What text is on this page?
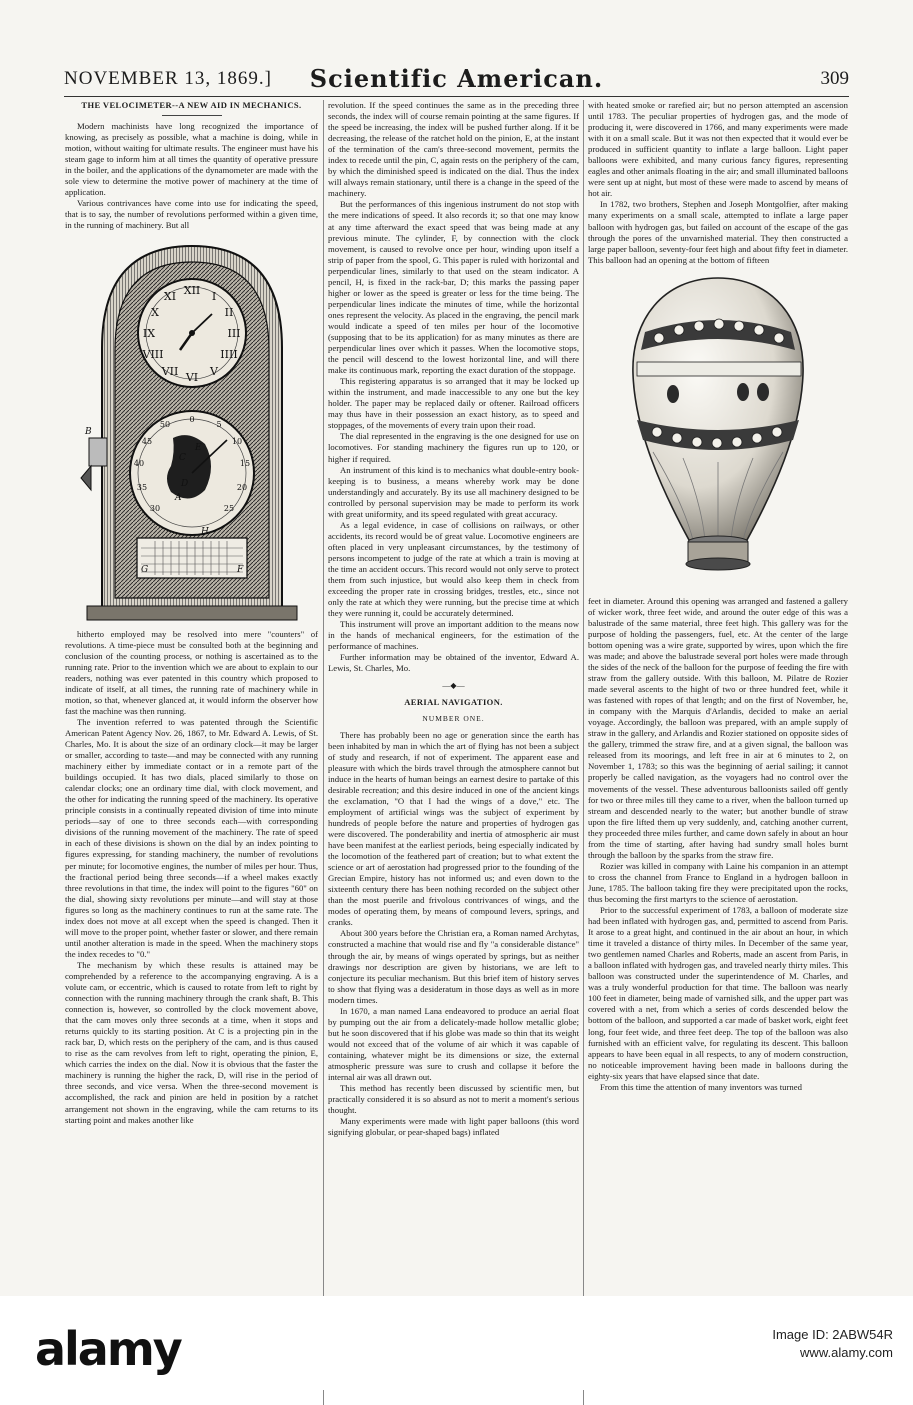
NOVEMBER 13, 1869.]	Scientific American.	309
THE VELOCIMETER--A NEW AID IN MECHANICS.

Modern machinists have long recognized the importance of knowing, as precisely as possible, what a machine is doing, while in motion, without waiting for ultimate results. The engineer must have his steam gage to inform him at all times the quantity of operative pressure in the boiler, and the applications of the dynamometer are made with the sole view to determine the motive power of machinery at the time of application.

Various contrivances have come into use for indicating the speed, that is to say, the number of revolutions performed within a given time, in the running of machinery. But all

XII I
II
III
IIII
V
VI
VII
VIII
IX
X
XI
0
5
10
15
20
25
50
45
40
35
30
B
C
D
E
A
F
G
H

hitherto employed may be resolved into mere "counters" of revolutions. A time-piece must be consulted both at the beginning and conclusion of the counting process, or nothing is ascertained as to the running rate. Prior to the invention which we are about to explain to our readers, nothing was ever patented in this country which proposed to indicate of itself, at all times, the running rate of machinery while in motion, so that, whenever glanced at, it would inform the observer how fast the machine was then running.

The invention referred to was patented through the Scientific American Patent Agency Nov. 26, 1867, to Mr. Edward A. Lewis, of St. Charles, Mo. It is about the size of an ordinary clock—it may be larger or smaller, according to taste—and may be connected with any running machinery either by immediate contact or in a remote part of the buildings occupied. It has two dials, placed similarly to those on calendar clocks; one an ordinary time dial, with clock movement, and the other for indicating the running speed of the machinery. Its operative principle consists in a continually repeated division of time into minute periods—say of one to three seconds each—with corresponding divisions of the running movement of the machinery. The rate of speed in each of these divisions is shown on the dial by an index pointing to figures expressing, for standing machinery, the number of revolutions per minute; for locomotive engines, the number of miles per hour. Thus, the fractional period being three seconds—if a wheel makes exactly three revolutions in that time, the index will point to the figures "60" on the dial, showing sixty revolutions per minute—and will stay at those figures so long as the machinery continues to run at the same rate. The index does not move at all except when the speed is changed. Then it will move to the proper point, whether faster or slower, and there remain until another alteration is made in the speed. When the machinery stops the index recedes to "0."

The mechanism by which these results is attained may be comprehended by a reference to the accompanying engraving. A is a volute cam, or eccentric, which is caused to rotate from left to right by connection with the running machinery through the crank shaft, B. This connection is, however, so controlled by the clock movement above, that the cam moves only three seconds at a time, when it stops and returns quickly to its starting position. At C is a projecting pin in the rack bar, D, which rests on the periphery of the cam, and is thus caused to rise as the cam revolves from left to right, operating the pinion, E, which carries the index on the dial. Now it is obvious that the faster the machinery is running the higher the rack, D, will rise in the period of three seconds, and vice versa. When the three-second movement is accomplished, the rack and pinion are held in position by a ratchet arrangement not shown in the engraving, while the cam returns to its starting point and makes another like

revolution. If the speed continues the same as in the preceding three seconds, the index will of course remain pointing at the same figures. If the speed be increasing, the index will be pushed further along. If it be decreasing, the release of the ratchet hold on the pinion, E, at the instant of the termination of the cam's three-second movement, permits the index to recede until the pin, C, again rests on the periphery of the cam, by which the diminished speed is indicated on the dial. Thus the index will always remain stationary, until there is a change in the speed of the machinery.

But the performances of this ingenious instrument do not stop with the mere indications of speed. It also records it; so that one may know at any time afterward the exact speed that was being made at any previous minute. The cylinder, F, by connection with the clock movement, is caused to revolve once per hour, winding upon itself a strip of paper from the spool, G. This paper is ruled with horizontal and perpendicular lines, similarly to that used on the steam indicator. A pencil, H, is fixed in the rack-bar, D; this marks the passing paper higher or lower as the speed is greater or less for the time being. The perpendicular lines indicate the minutes of time, while the horizontal ones represent the velocity. As placed in the engraving, the pencil mark would indicate a speed of ten miles per hour of the locomotive (supposing that to be its application) for as many minutes as there are perpendicular lines over which it passes. When the locomotive stops, the pencil will descend to the lowest horizontal line, and will there make its continuous mark, reporting the exact duration of the stoppage.

This registering apparatus is so arranged that it may be locked up within the instrument, and made inaccessible to any one but the key holder. The paper may be replaced daily or oftener. Railroad officers may thus have in their possession an exact history, as to speed and stoppages, of the movements of every train upon their road.

The dial represented in the engraving is the one designed for use on locomotives. For standing machinery the figures run up to 120, or higher if required.

An instrument of this kind is to mechanics what double-entry book-keeping is to business, a means whereby work may be done understandingly and accurately. By its use all machinery designed to be controlled by personal supervision may be made to perform its work with great uniformity, and its speed regulated with great accuracy.

As a legal evidence, in case of collisions on railways, or other accidents, its record would be of great value. Locomotive engineers are often placed in very unpleasant circumstances, by the testimony of persons incompetent to judge of the rate at which a train is moving at the time an accident occurs. This record would not only serve to protect them from such injustice, but would also keep them in check from exceeding the proper rate in crossing bridges, trestles, etc., since not only the rate at which they were running, but the precise time at which they were running it, could be accurately determined.

This instrument will prove an important addition to the means now in the hands of mechanical engineers, for the estimation of the performance of machines.

Further information may be obtained of the inventor, Edward A. Lewis, St. Charles, Mo.

—◆—
AERIAL NAVIGATION.
NUMBER ONE.

There has probably been no age or generation since the earth has been inhabited by man in which the art of flying has not been a subject of study and research, if not of experiment. The apparent ease and pleasure with which the birds travel through the atmosphere cannot but induce in the hearts of human beings an earnest desire to partake of this desirable recreation; and this desire induced in one of the ancient kings the exclamation, "O that I had the wings of a dove," etc. The employment of artificial wings was the subject of experiment by hundreds of people before the nature and properties of hydrogen gas were discovered. The ponderability and inertia of atmospheric air must have been manifest at the earliest periods, being especially indicated by the locomotion of the feathered part of creation; but to what extent the science or art of aerostation had progressed prior to the founding of the Grecian Empire, history has not informed us; and even down to the sixteenth century there has been nothing recorded on the subject other than the most puerile and frivolous contrivances of wings, and the modes of operating them, by means of compound levers, springs, and cranks.

About 300 years before the Christian era, a Roman named Archytas, constructed a machine that would rise and fly "a considerable distance" through the air, by means of wings operated by springs, but as neither drawings nor description are given by historians, we are left to conjecture its peculiar mechanism. But this brief item of history serves to show that flying was a desideratum in those days as well as in more modern times.

In 1670, a man named Lana endeavored to produce an aerial float by pumping out the air from a delicately-made hollow metallic globe; but he soon discovered that if his globe was made so thin that its weight would not exceed that of the volume of air which it was capable of containing, whatever might be its dimensions or size, the external atmospheric pressure was sure to crush and collapse it before the internal air was all drawn out.

This method has recently been discussed by scientific men, but practically considered it is so absurd as not to merit a moment's serious thought.

Many experiments were made with light paper balloons (this word signifying globular, or pear-shaped bags) inflated

with heated smoke or rarefied air; but no person attempted an ascension until 1783. The peculiar properties of hydrogen gas, and the mode of producing it, were discovered in 1766, and many experiments were made with it on a small scale. But it was not then expected that it would ever be produced in sufficient quantity to inflate a large balloon. Light paper balloons were exhibited, and many curious fancy figures, representing eagles and other animals floating in the air; and small illuminated balloons were sent up at night, but most of these were made to ascend by means of hot air.

In 1782, two brothers, Stephen and Joseph Montgolfier, after making many experiments on a small scale, attempted to inflate a large paper balloon with hydrogen gas, but failed on account of the escape of the gas through the pores of the unvarnished material. They then constructed a large paper balloon, seventy-four feet high and about fifty feet in diameter. This balloon had an opening at the bottom of fifteen

feet in diameter. Around this opening was arranged and fastened a gallery of wicker work, three feet wide, and around the outer edge of this was a balustrade of the same material, three feet high. This gallery was for the purpose of holding the passengers, fuel, etc. At the center of the large bottom opening was a wire grate, supported by wires, upon which the fire was made; and above the balustrade several port holes were made through the sides of the neck of the balloon for the purpose of feeding the fire with straw from the gallery outside. With this balloon, M. Pilatre de Rozier made several ascents to the hight of two or three hundred feet, while it was fastened with ropes of that length; and on the first of November, he, in company with the Marquis d'Arlandis, decided to make an aerial voyage. Accordingly, the balloon was prepared, with an ample supply of straw in the gallery, and Arlandis and Rozier stationed on opposite sides of the gallery, trimmed the straw fire, and at a given signal, the balloon was released from its moorings, and left free in air at 6 minutes to 2, on November 1, 1783; so this was the beginning of aerial sailing; it cannot properly be called navigation, as the voyagers had no control over the movements of the vessel. These adventurous balloonists sailed off gently for two or three miles till they came to a river, when the balloon turned up stream and descended nearly to the water; but another bundle of straw upon the fire lifted them up very suddenly, and, catching another current, they proceeded three miles further, and came down safely in about an hour from the time of starting, after having had sundry small holes burnt through the balloon by the sparks from the straw fire.

Rozier was killed in company with Laine his companion in an attempt to cross the channel from France to England in a hydrogen balloon in June, 1785. The balloon taking fire they were precipitated upon the rocks, thus becoming the first martyrs to the science of aerostation.

Prior to the successful experiment of 1783, a balloon of moderate size had been inflated with hydrogen gas, and, permitted to ascend from Paris. It arose to a great hight, and continued in the air about an hour, in which time it traveled a distance of thirty miles. In December of the same year, two gentlemen named Charles and Roberts, made an ascent from Paris, in a balloon inflated with hydrogen gas, and traveled nearly thirty miles. This balloon was constructed under the superintendence of M. Charles, and was a truly wonderful production for that time. The balloon was nearly 100 feet in diameter, being made of varnished silk, and the upper part was covered with a net, from which a series of cords descended below the bottom of the balloon, and supported a car made of basket work, eight feet long, four feet wide, and three feet deep. The top of the balloon was also furnished with an efficient valve, for regulating its descent. This balloon appears to have been equal in all respects, to any of modern construction, no noticeable improvement having been made in balloons during the eighty-six years that have elapsed since that date.

From this time the attention of many inventors was turned

alamy	Image ID: 2ABW54R
www.alamy.com
